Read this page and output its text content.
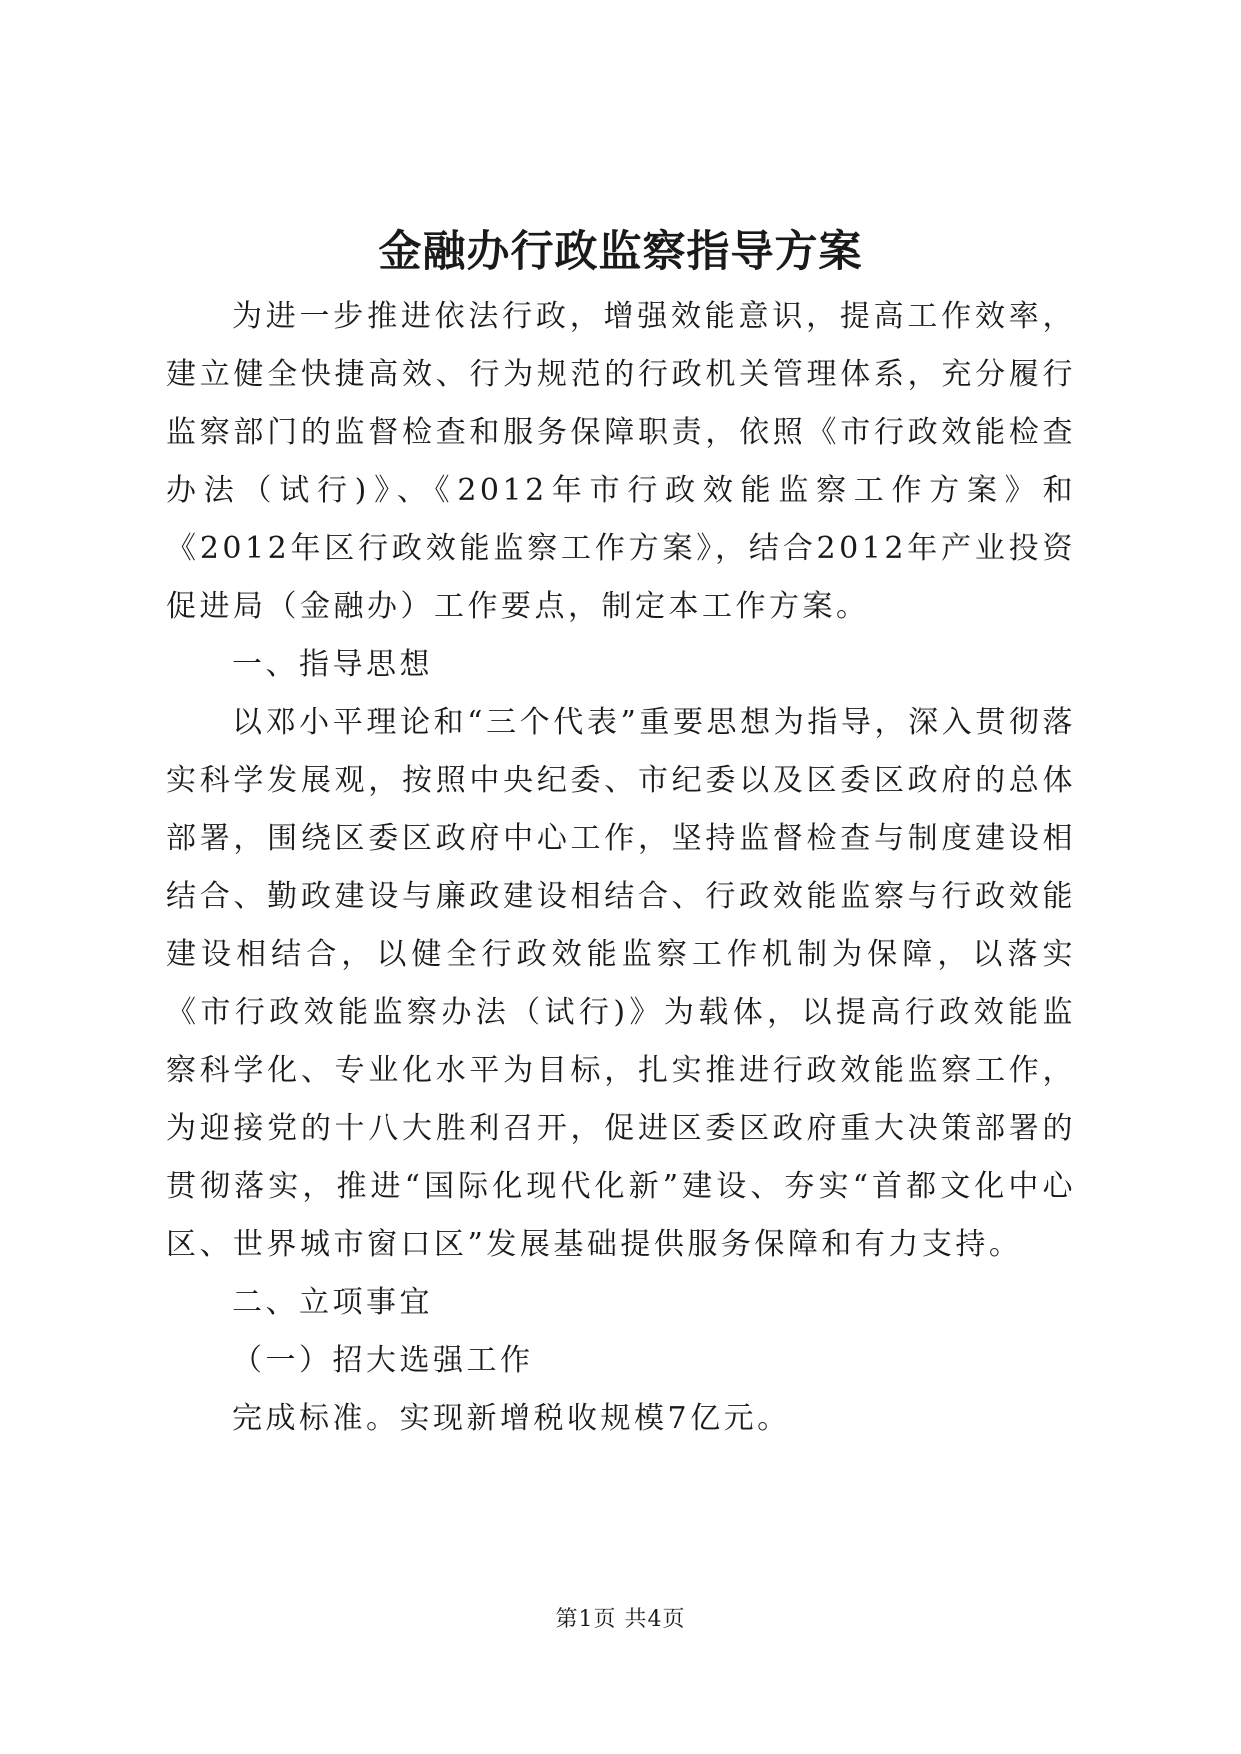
金融办行政监察指导方案

为进一步推进依法行政，增强效能意识，提高工作效率，建立健全快捷高效、行为规范的行政机关管理体系，充分履行监察部门的监督检查和服务保障职责，依照《市行政效能检查办法（试行)》、《2012年市行政效能监察工作方案》和《2012年区行政效能监察工作方案》，结合2012年产业投资促进局（金融办）工作要点，制定本工作方案。

一、指导思想

以邓小平理论和“三个代表”重要思想为指导，深入贯彻落实科学发展观，按照中央纪委、市纪委以及区委区政府的总体部署，围绕区委区政府中心工作，坚持监督检查与制度建设相结合、勤政建设与廉政建设相结合、行政效能监察与行政效能建设相结合，以健全行政效能监察工作机制为保障，以落实《市行政效能监察办法（试行)》为载体，以提高行政效能监察科学化、专业化水平为目标，扎实推进行政效能监察工作，为迎接党的十八大胜利召开，促进区委区政府重大决策部署的贯彻落实，推进“国际化现代化新”建设、夯实“首都文化中心区、世界城市窗口区”发展基础提供服务保障和有力支持。

二、立项事宜

（一）招大选强工作

完成标准。实现新增税收规模7亿元。

第1页 共4页
